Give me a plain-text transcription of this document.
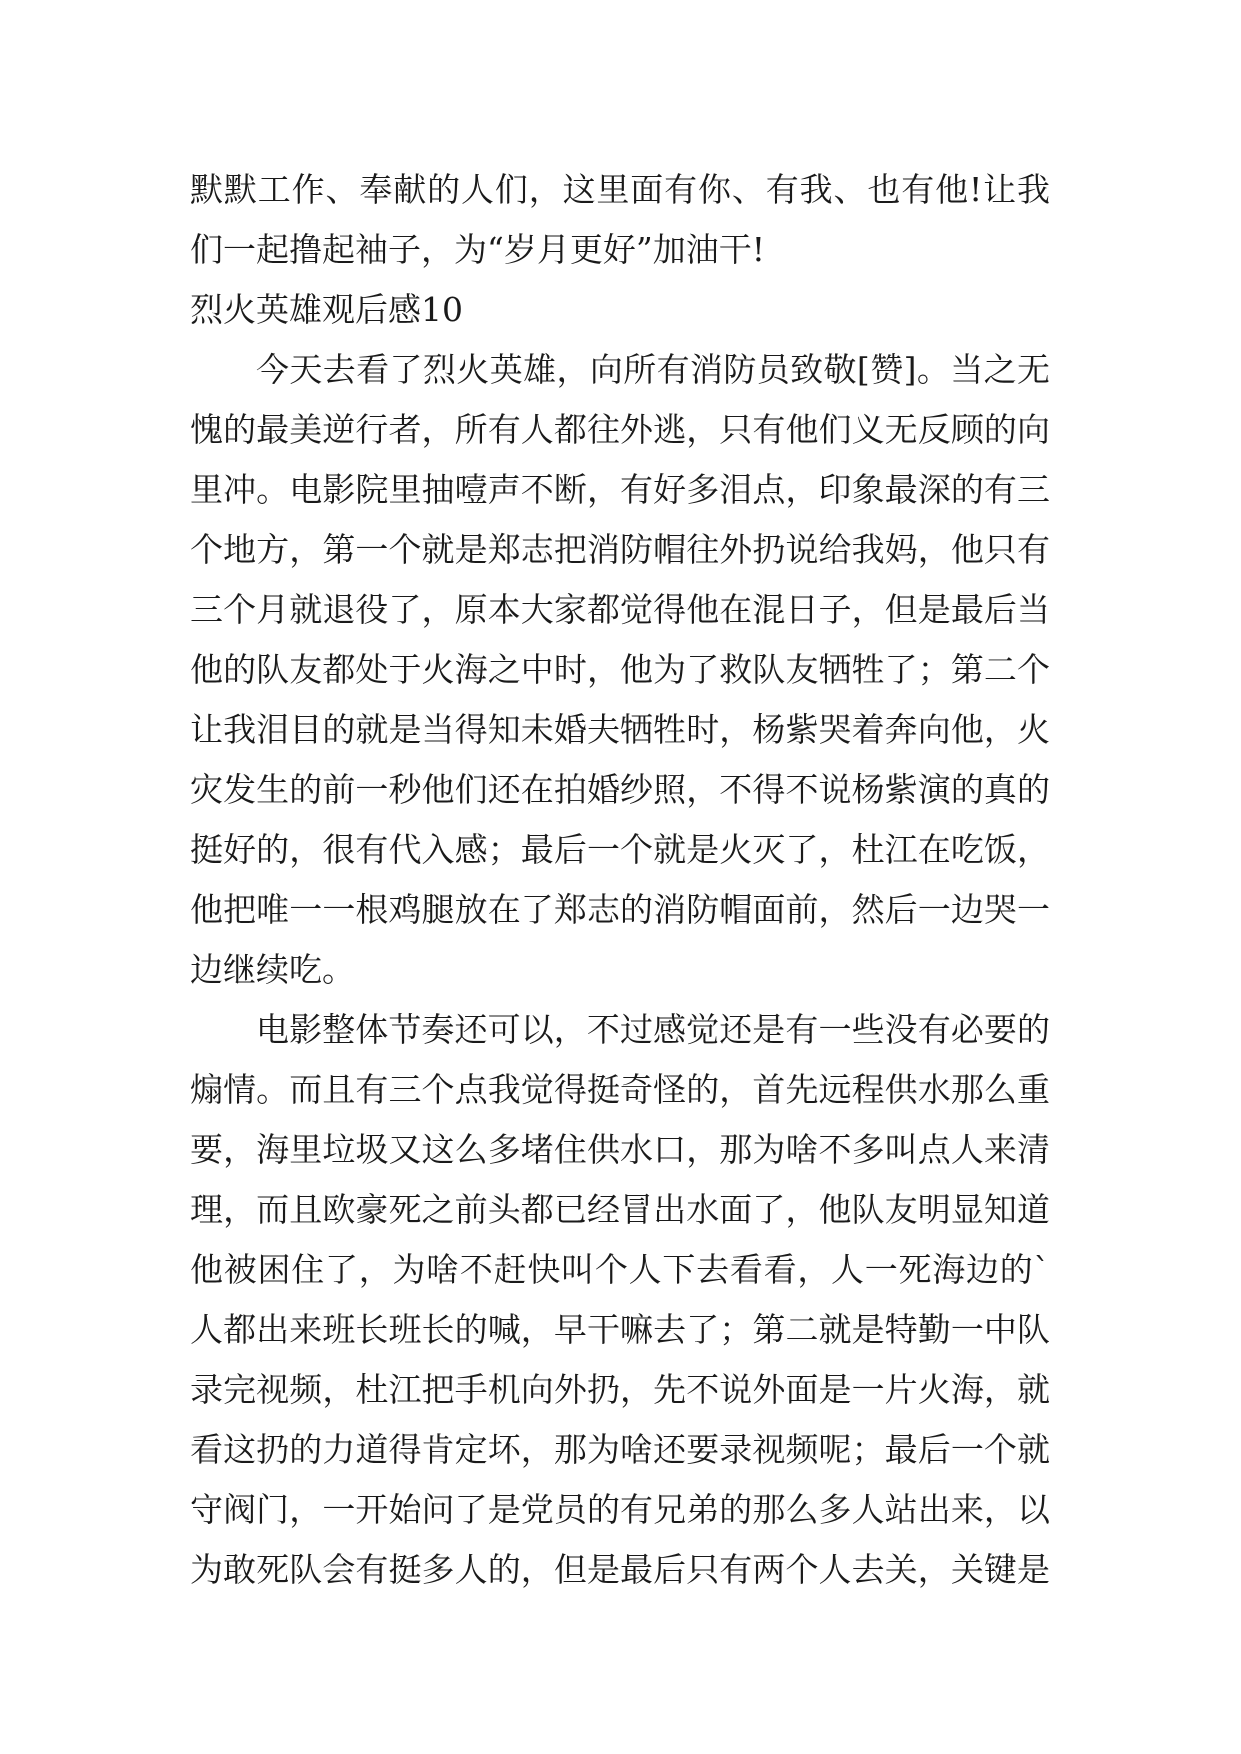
默默工作、奉献的人们，这里面有你、有我、也有他!让我
们一起撸起袖子，为“岁月更好”加油干!
烈火英雄观后感10
今天去看了烈火英雄，向所有消防员致敬[赞]。当之无
愧的最美逆行者，所有人都往外逃，只有他们义无反顾的向
里冲。电影院里抽噎声不断，有好多泪点，印象最深的有三
个地方，第一个就是郑志把消防帽往外扔说给我妈，他只有
三个月就退役了，原本大家都觉得他在混日子，但是最后当
他的队友都处于火海之中时，他为了救队友牺牲了；第二个
让我泪目的就是当得知未婚夫牺牲时，杨紫哭着奔向他，火
灾发生的前一秒他们还在拍婚纱照，不得不说杨紫演的真的
挺好的，很有代入感；最后一个就是火灭了，杜江在吃饭，
他把唯一一根鸡腿放在了郑志的消防帽面前，然后一边哭一
边继续吃。
电影整体节奏还可以，不过感觉还是有一些没有必要的
煽情。而且有三个点我觉得挺奇怪的，首先远程供水那么重
要，海里垃圾又这么多堵住供水口，那为啥不多叫点人来清
理，而且欧豪死之前头都已经冒出水面了，他队友明显知道
他被困住了，为啥不赶快叫个人下去看看，人一死海边的`
人都出来班长班长的喊，早干嘛去了；第二就是特勤一中队
录完视频，杜江把手机向外扔，先不说外面是一片火海，就
看这扔的力道得肯定坏，那为啥还要录视频呢；最后一个就
守阀门，一开始问了是党员的有兄弟的那么多人站出来，以
为敢死队会有挺多人的，但是最后只有两个人去关，关键是
